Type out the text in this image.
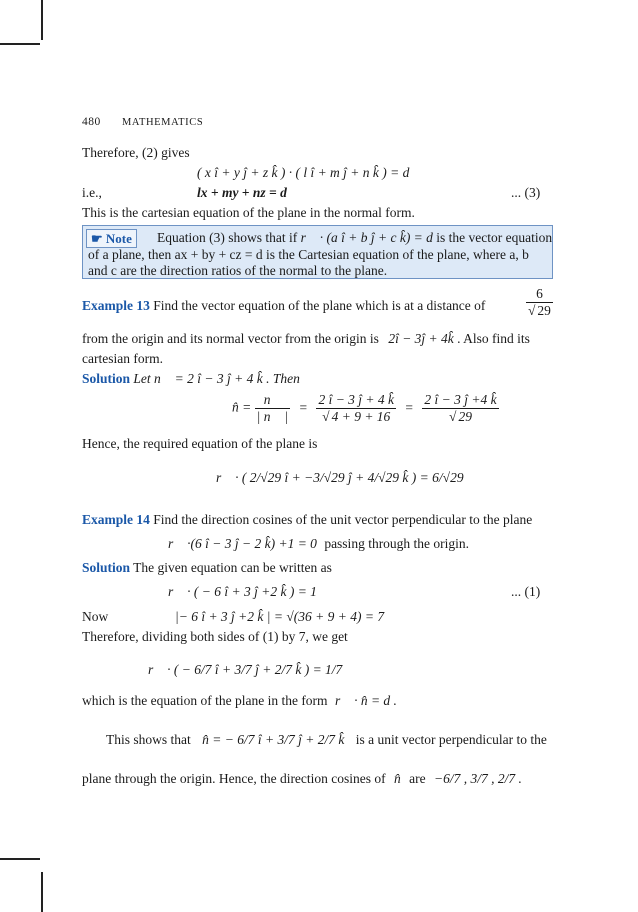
480 MATHEMATICS
Therefore, (2) gives
( x î + y ĵ + z k̂ ) · ( l î + m ĵ + n k̂ ) = d
i.e.,	lx + my + nz = d	... (3)
This is the cartesian equation of the plane in the normal form.
☛ Note	Equation (3) shows that if r⃗ · (a î + b ĵ + c k̂) = d is the vector equation
of a plane, then ax + by + cz = d is the Cartesian equation of the plane, where a, b
and c are the direction ratios of the normal to the plane.
Example 13 Find the vector equation of the plane which is at a distance of	$\frac{6}{√ 29}$
from the origin and its normal vector from the origin is 2î − 3ĵ + 4k̂ . Also find its
cartesian form.
Solution Let n⃗ = 2 î − 3 ĵ + 4 k̂ . Then
n̂ = $\frac{n⃗}{| n⃗ |} = \frac{2 î - 3 ĵ + 4 k̂}{√ 4 + 9 + 16} = \frac{2 î - 3 ĵ +4 k̂}{√ 29}$
Hence, the required equation of the plane is
r⃗ · ( 2/√29 î + −3/√29 ĵ + 4/√29 k̂ ) = 6/√29
Example 14 Find the direction cosines of the unit vector perpendicular to the plane
r⃗ ·(6 î − 3 ĵ − 2 k̂) +1 = 0 passing through the origin.
Solution The given equation can be written as
r⃗ · ( − 6 î + 3 ĵ +2 k̂ ) = 1	... (1)
Now	|− 6 î + 3 ĵ +2 k̂ | = √(36 + 9 + 4) = 7
Therefore, dividing both sides of (1) by 7, we get
r⃗ · ( − 6/7 î + 3/7 ĵ + 2/7 k̂ ) = 1/7
which is the equation of the plane in the form r⃗ · n̂ = d .
This shows that n̂ = − 6/7 î + 3/7 ĵ + 2/7 k̂ is a unit vector perpendicular to the
plane through the origin. Hence, the direction cosines of n̂ are −6/7 , 3/7 , 2/7 .
